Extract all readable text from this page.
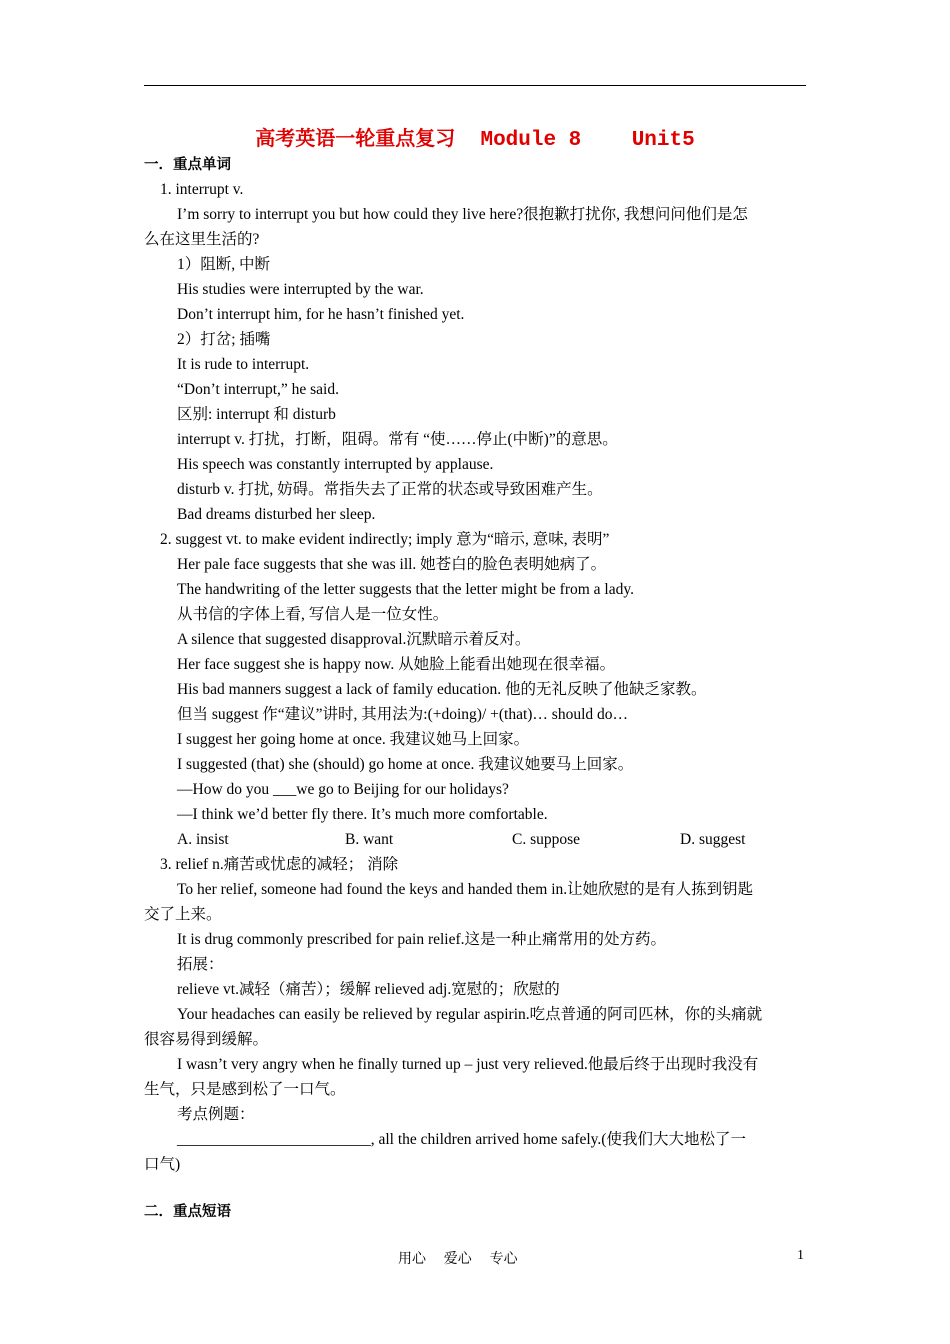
高考英语一轮重点复习  Module 8    Unit5
一．重点单词
1. interrupt v.
I’m sorry to interrupt you but how could they live here?很抱歉打扰你, 我想问问他们是怎
么在这里生活的?
1）阻断, 中断
His studies were interrupted by the war.
Don’t interrupt him, for he hasn’t finished yet.
2）打岔; 插嘴
It is rude to interrupt.
“Don’t interrupt,” he said.
区别: interrupt 和 disturb
interrupt v. 打扰，打断，阻碍。常有 “使……停止(中断)”的意思。
His speech was constantly interrupted by applause.
disturb v. 打扰, 妨碍。常指失去了正常的状态或导致困难产生。
Bad dreams disturbed her sleep.
2. suggest vt. to make evident indirectly; imply 意为“暗示, 意味, 表明”
Her pale face suggests that she was ill. 她苍白的脸色表明她病了。
The handwriting of the letter suggests that the letter might be from a lady.
从书信的字体上看, 写信人是一位女性。
A silence that suggested disapproval.沉默暗示着反对。
Her face suggest she is happy now. 从她脸上能看出她现在很幸福。
His bad manners suggest a lack of family education. 他的无礼反映了他缺乏家教。
但当 suggest 作“建议”讲时, 其用法为:(+doing)/ +(that)… should do…
I suggest her going home at once. 我建议她马上回家。
I suggested (that) she (should) go home at once. 我建议她要马上回家。
—How do you ___we go to Beijing for our holidays?
—I think we’d better fly there. It’s much more comfortable.
A. insist	B. want	C. suppose	D. suggest
3. relief n.痛苦或忧虑的减轻； 消除
To her relief, someone had found the keys and handed them in.让她欣慰的是有人拣到钥匙
交了上来。
It is drug commonly prescribed for pain relief.这是一种止痛常用的处方药。
拓展：
relieve vt.减轻（痛苦）；缓解 relieved adj.宽慰的；欣慰的
Your headaches can easily be relieved by regular aspirin.吃点普通的阿司匹林，你的头痛就
很容易得到缓解。
I wasn’t very angry when he finally turned up – just very relieved.他最后终于出现时我没有
生气，只是感到松了一口气。
考点例题：
_________________________, all the children arrived home safely.(使我们大大地松了一
口气)
二．重点短语
用心    爱心    专心	1
